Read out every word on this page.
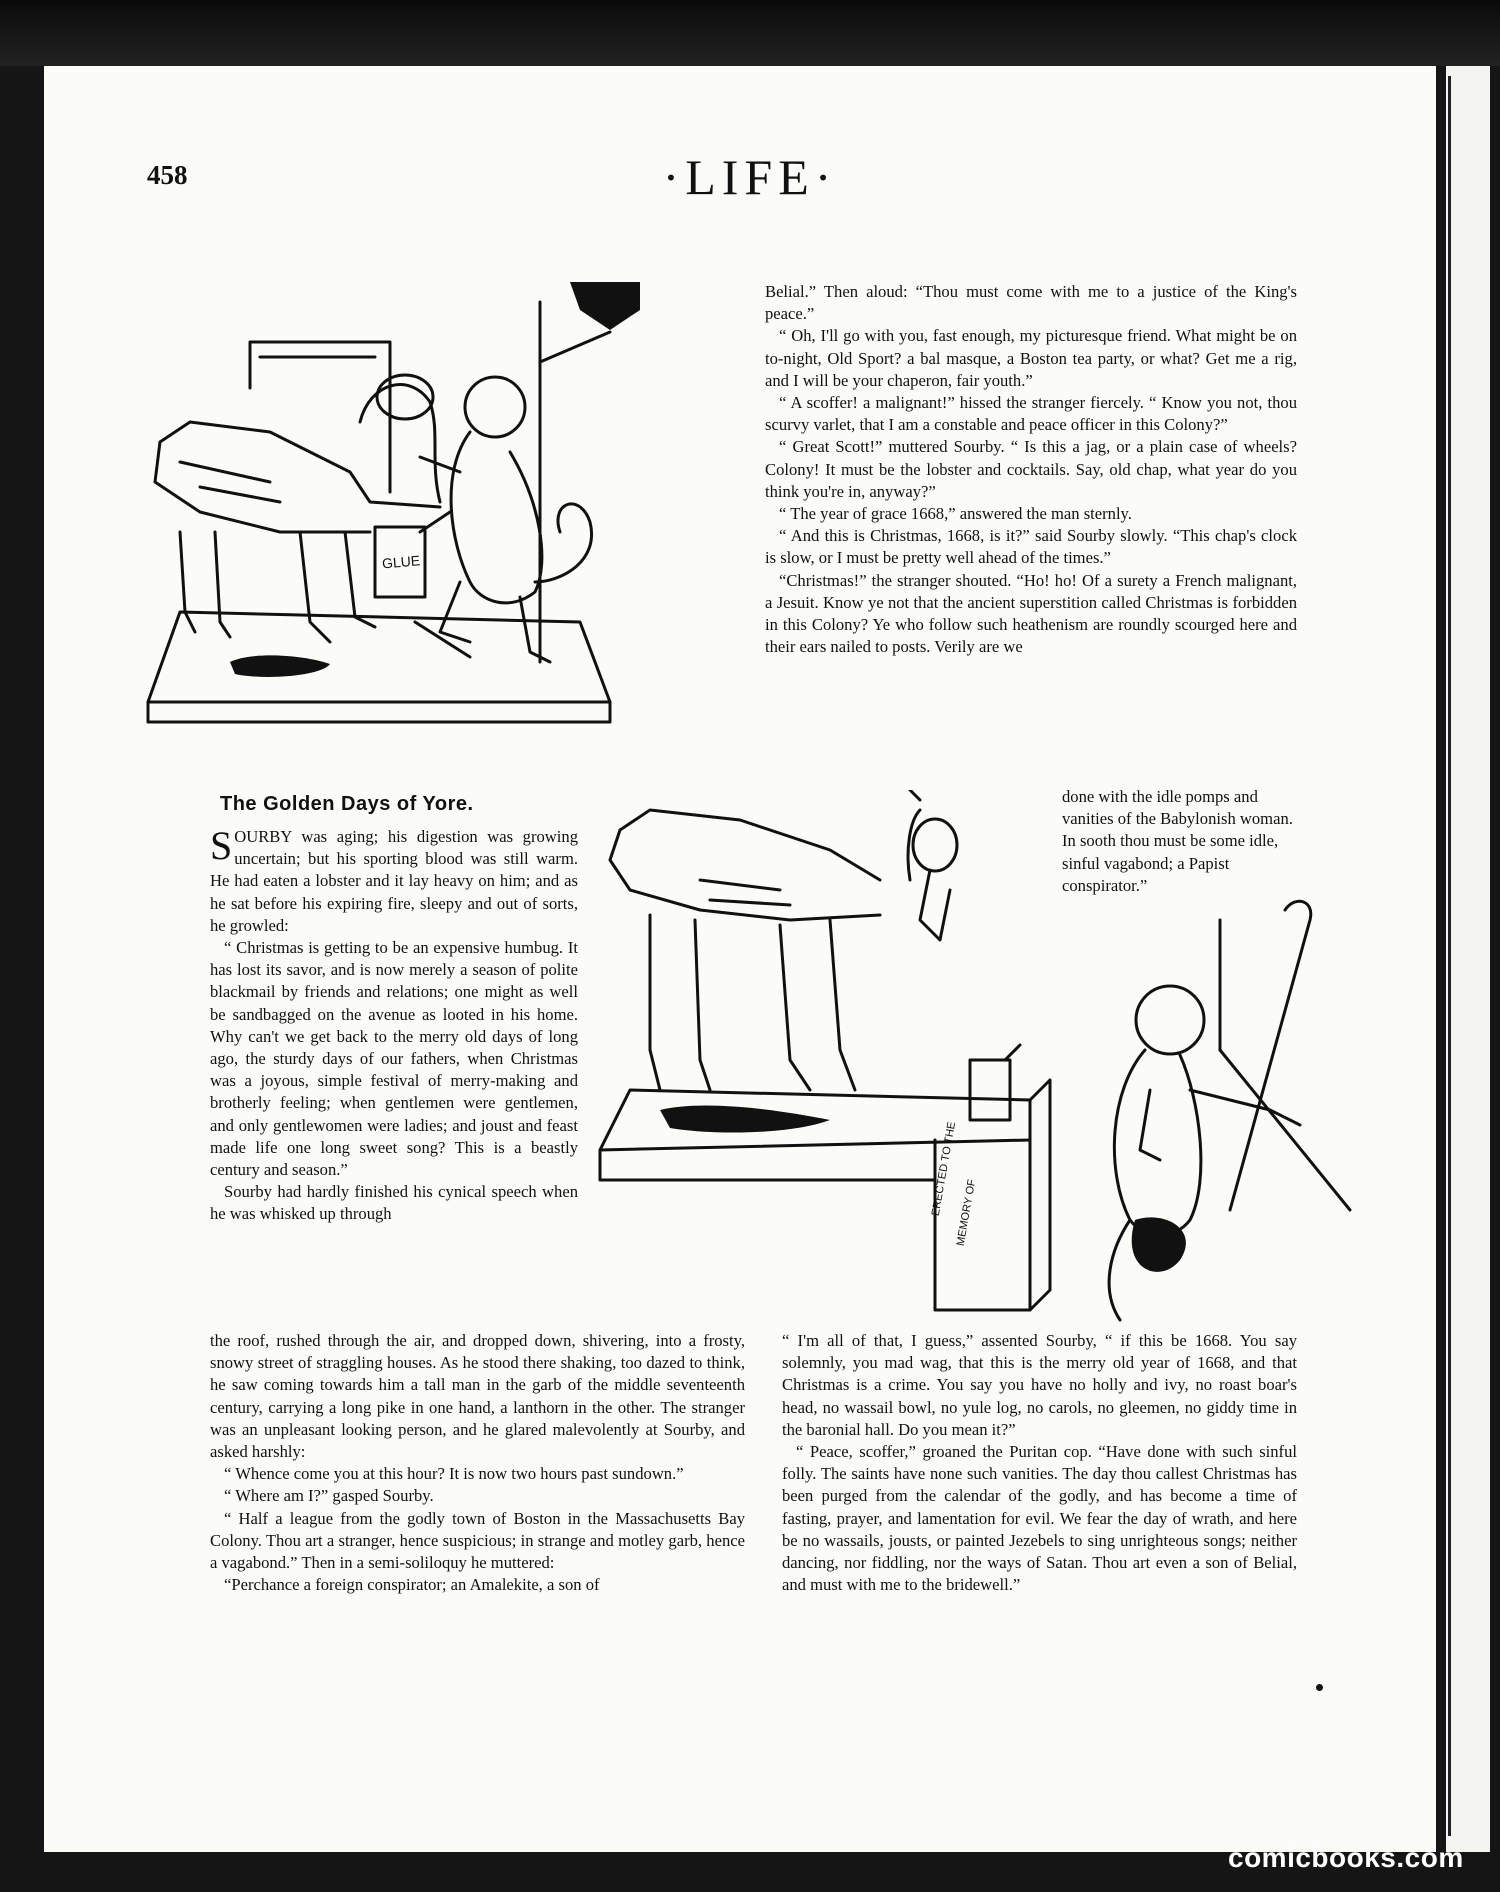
458	·LIFE·
GLUE
The Golden Days of Yore.

SOURBY was aging; his digestion was growing uncertain; but his sporting blood was still warm. He had eaten a lobster and it lay heavy on him; and as he sat before his expiring fire, sleepy and out of sorts, he growled:

“ Christmas is getting to be an expensive humbug. It has lost its savor, and is now merely a season of polite blackmail by friends and relations; one might as well be sandbagged on the avenue as looted in his home. Why can't we get back to the merry old days of long ago, the sturdy days of our fathers, when Christmas was a joyous, simple festival of merry-making and brotherly feeling; when gentlemen were gentlemen, and only gentlewomen were ladies; and joust and feast made life one long sweet song? This is a beastly century and season.”

Sourby had hardly finished his cynical speech when he was whisked up through

the roof, rushed through the air, and dropped down, shivering, into a frosty, snowy street of straggling houses. As he stood there shaking, too dazed to think, he saw coming towards him a tall man in the garb of the middle seventeenth century, carrying a long pike in one hand, a lanthorn in the other. The stranger was an unpleasant looking person, and he glared malevolently at Sourby, and asked harshly:

“ Whence come you at this hour? It is now two hours past sundown.”

“ Where am I?” gasped Sourby.

“ Half a league from the godly town of Boston in the Massachusetts Bay Colony. Thou art a stranger, hence suspicious; in strange and motley garb, hence a vagabond.” Then in a semi-soliloquy he muttered:

“Perchance a foreign conspirator; an Amalekite, a son of

Belial.” Then aloud: “Thou must come with me to a justice of the King's peace.”

“ Oh, I'll go with you, fast enough, my picturesque friend. What might be on to-night, Old Sport? a bal masque, a Boston tea party, or what? Get me a rig, and I will be your chaperon, fair youth.”

“ A scoffer! a malignant!” hissed the stranger fiercely. “ Know you not, thou scurvy varlet, that I am a constable and peace officer in this Colony?”

“ Great Scott!” muttered Sourby. “ Is this a jag, or a plain case of wheels? Colony! It must be the lobster and cocktails. Say, old chap, what year do you think you're in, anyway?”

“ The year of grace 1668,” answered the man sternly.

“ And this is Christmas, 1668, is it?” said Sourby slowly. “This chap's clock is slow, or I must be pretty well ahead of the times.”

“Christmas!” the stranger shouted. “Ho! ho! Of a surety a French malignant, a Jesuit. Know ye not that the ancient superstition called Christmas is forbidden in this Colony? Ye who follow such heathenism are roundly scourged here and their ears nailed to posts. Verily are we

done with the idle pomps and vanities of the Babylonish woman. In sooth thou must be some idle, sinful vagabond; a Papist conspirator.”

ERECTED TO THE
MEMORY OF

“ I'm all of that, I guess,” assented Sourby, “ if this be 1668. You say solemnly, you mad wag, that this is the merry old year of 1668, and that Christmas is a crime. You say you have no holly and ivy, no roast boar's head, no wassail bowl, no yule log, no carols, no gleemen, no giddy time in the baronial hall. Do you mean it?”

“ Peace, scoffer,” groaned the Puritan cop. “Have done with such sinful folly. The saints have none such vanities. The day thou callest Christmas has been purged from the calendar of the godly, and has become a time of fasting, prayer, and lamentation for evil. We fear the day of wrath, and here be no wassails, jousts, or painted Jezebels to sing unrighteous songs; neither dancing, nor fiddling, nor the ways of Satan. Thou art even a son of Belial, and must with me to the bridewell.”

comicbooks.com
